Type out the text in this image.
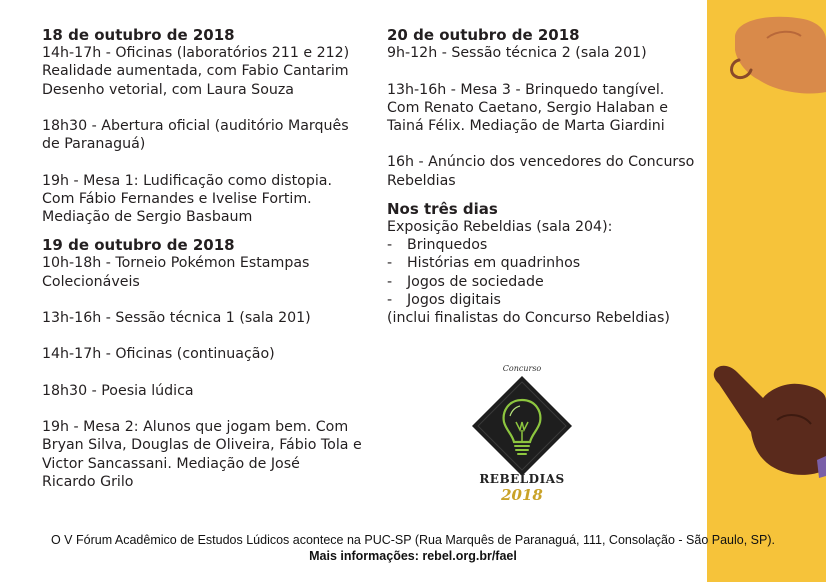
18 de outubro de 2018

14h-17h - Oficinas (laboratórios 211 e 212)
Realidade aumentada, com Fabio Cantarim
Desenho vetorial, com Laura Souza
18h30 - Abertura oficial (auditório Marquês
de Paranaguá)
19h - Mesa 1: Ludificação como distopia.
Com Fábio Fernandes e Ivelise Fortim.
Mediação de Sergio Basbaum

19 de outubro de 2018

10h-18h - Torneio Pokémon Estampas
Colecionáveis
13h-16h - Sessão técnica 1 (sala 201)
14h-17h - Oficinas (continuação)
18h30 - Poesia lúdica
19h - Mesa 2: Alunos que jogam bem. Com
Bryan Silva, Douglas de Oliveira, Fábio Tola e
Victor Sancassani. Mediação de José
Ricardo Grilo

20 de outubro de 2018

9h-12h - Sessão técnica 2 (sala 201)
13h-16h - Mesa 3 - Brinquedo tangível.
Com Renato Caetano, Sergio Halaban e
Tainá Félix. Mediação de Marta Giardini
16h - Anúncio dos vencedores do Concurso
Rebeldias

Nos três dias

Exposição Rebeldias (sala 204):
- Brinquedos
- Histórias em quadrinhos
- Jogos de sociedade
- Jogos digitais
(inclui finalistas do Concurso Rebeldias)
Concurso
REBELDIAS
2018
O V Fórum Acadêmico de Estudos Lúdicos acontece na PUC-SP (Rua Marquês de Paranaguá, 111, Consolação - São Paulo, SP).
Mais informações: rebel.org.br/fael
